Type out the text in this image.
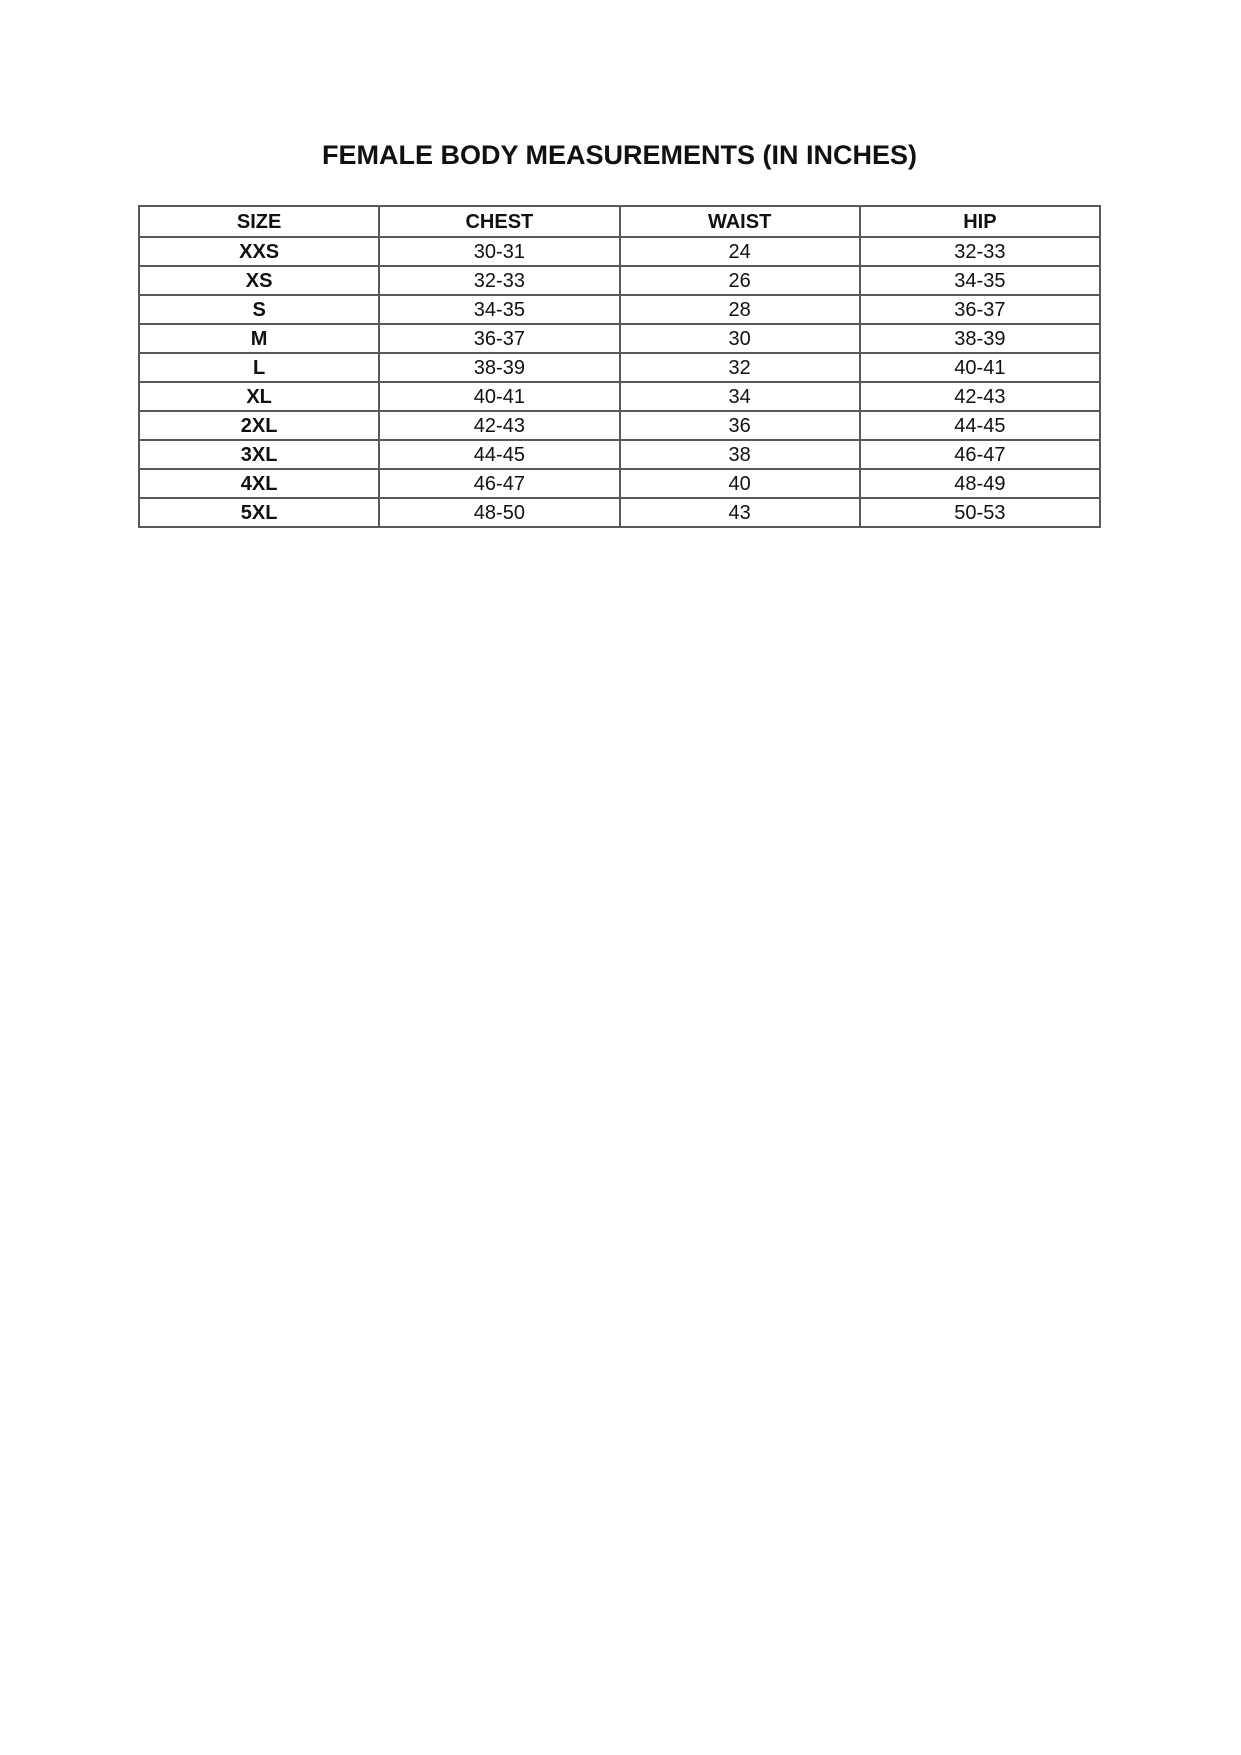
FEMALE BODY MEASUREMENTS (IN INCHES)
SIZE	CHEST	WAIST	HIP
XXS	30-31	24	32-33
XS	32-33	26	34-35
S	34-35	28	36-37
M	36-37	30	38-39
L	38-39	32	40-41
XL	40-41	34	42-43
2XL	42-43	36	44-45
3XL	44-45	38	46-47
4XL	46-47	40	48-49
5XL	48-50	43	50-53
